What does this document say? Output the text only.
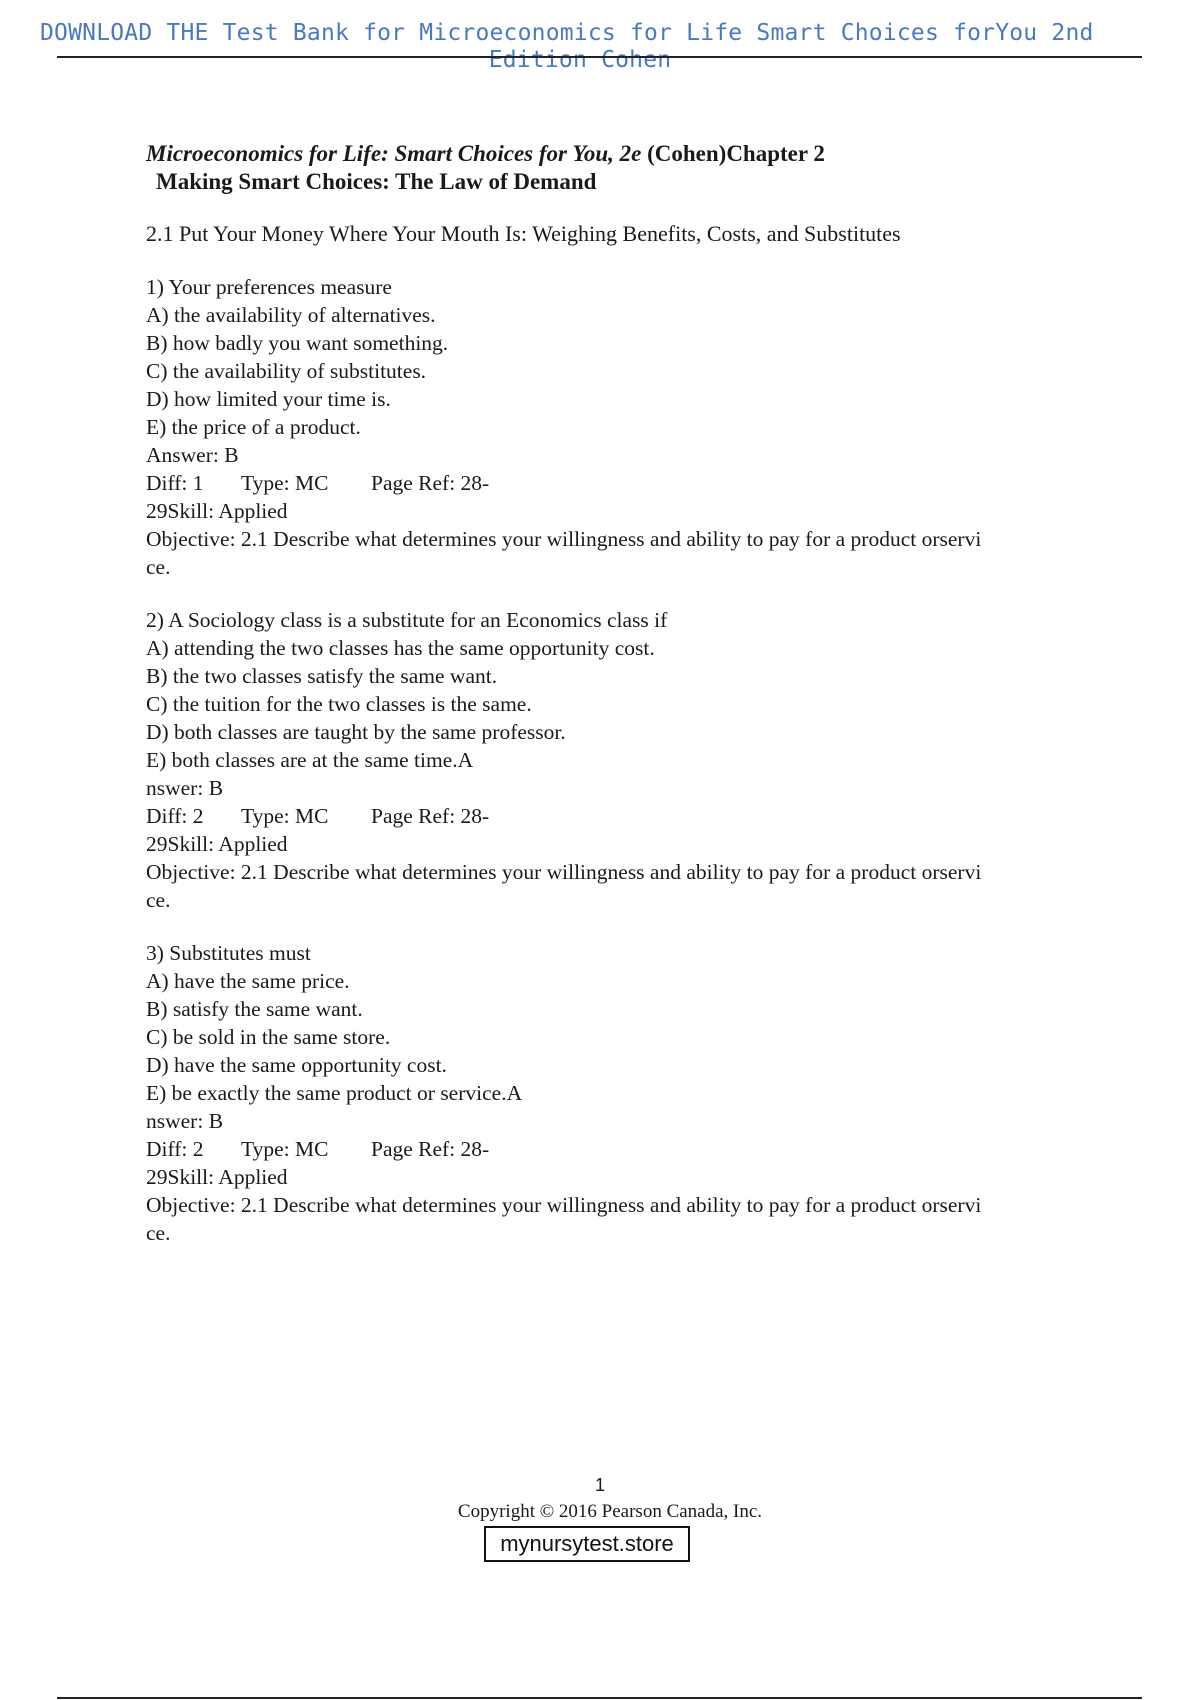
DOWNLOAD THE Test Bank for Microeconomics for Life Smart Choices forYou 2nd
Edition Cohen
Microeconomics for Life: Smart Choices for You, 2e (Cohen)Chapter 2
Making Smart Choices: The Law of Demand
2.1 Put Your Money Where Your Mouth Is: Weighing Benefits, Costs, and Substitutes
1) Your preferences measure
A) the availability of alternatives.
B) how badly you want something.
C) the availability of substitutes.
D) how limited your time is.
E) the price of a product.
Answer: B
Diff: 1 Type: MC Page Ref: 28-
29Skill: Applied
Objective: 2.1 Describe what determines your willingness and ability to pay for a product orservi
ce.
2) A Sociology class is a substitute for an Economics class if
A) attending the two classes has the same opportunity cost.
B) the two classes satisfy the same want.
C) the tuition for the two classes is the same.
D) both classes are taught by the same professor.
E) both classes are at the same time.A
nswer: B
Diff: 2 Type: MC Page Ref: 28-
29Skill: Applied
Objective: 2.1 Describe what determines your willingness and ability to pay for a product orservi
ce.
3) Substitutes must
A) have the same price.
B) satisfy the same want.
C) be sold in the same store.
D) have the same opportunity cost.
E) be exactly the same product or service.A
nswer: B
Diff: 2 Type: MC Page Ref: 28-
29Skill: Applied
Objective: 2.1 Describe what determines your willingness and ability to pay for a product orservi
ce.
1
Copyright © 2016 Pearson Canada, Inc.
mynursytest.store
